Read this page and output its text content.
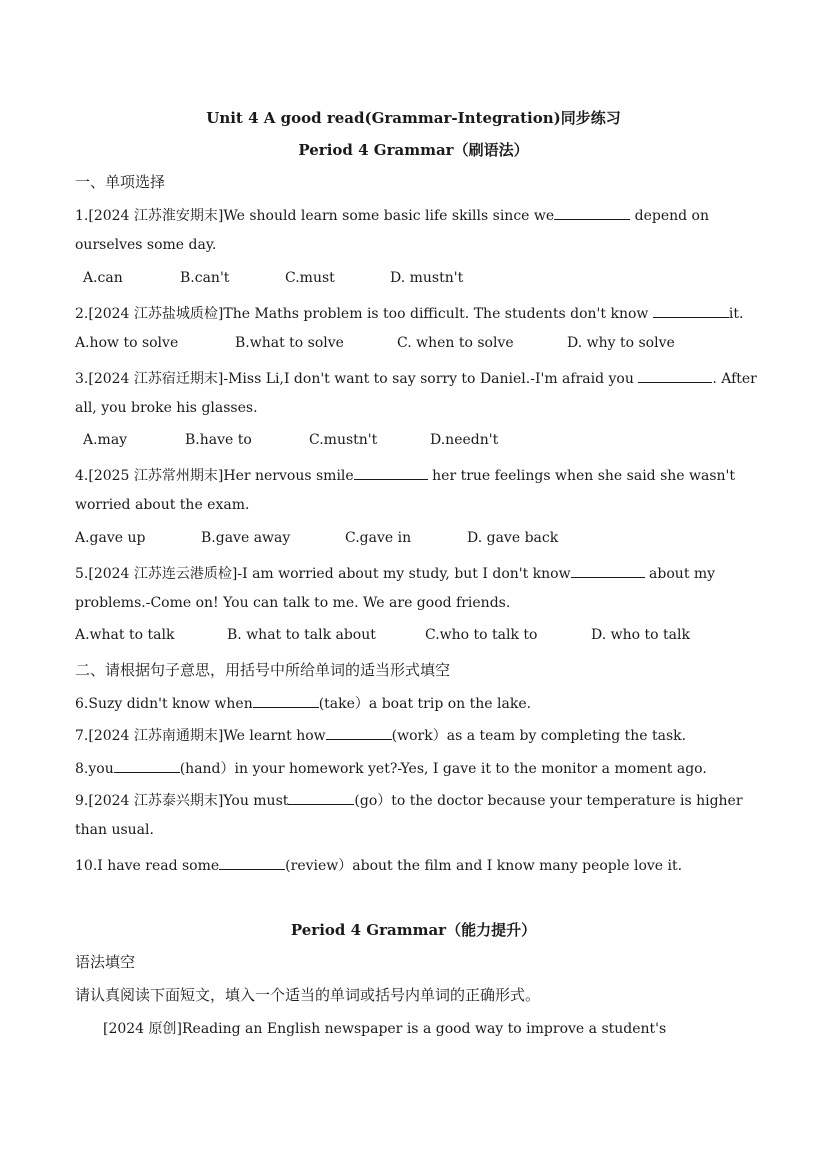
Unit 4 A good read(Grammar-Integration)同步练习
Period 4 Grammar（刷语法）
一、单项选择
1.[2024 江苏淮安期末]We should learn some basic life skills since we	depend on
ourselves some day.
A.can	B.can't	C.must	D. mustn't
2.[2024 江苏盐城质检]The Maths problem is too difficult. The students don't know	it.
A.how to solve	B.what to solve	C. when to solve	D. why to solve
3.[2024 江苏宿迁期末]-Miss Li,I don't want to say sorry to Daniel.-I'm afraid you	. After
all, you broke his glasses.
A.may	B.have to	C.mustn't	D.needn't
4.[2025 江苏常州期末]Her nervous smile	her true feelings when she said she wasn't
worried about the exam.
A.gave up	B.gave away	C.gave in	D. gave back
5.[2024 江苏连云港质检]-I am worried about my study, but I don't know	about my
problems.-Come on! You can talk to me. We are good friends.
A.what to talk	B. what to talk about	C.who to talk to	D. who to talk
二、请根据句子意思，用括号中所给单词的适当形式填空
6.Suzy didn't know when	(take）a boat trip on the lake.
7.[2024 江苏南通期末]We learnt how	(work）as a team by completing the task.
8.you	(hand）in your homework yet?-Yes, I gave it to the monitor a moment ago.
9.[2024 江苏泰兴期末]You must	(go）to the doctor because your temperature is higher
than usual.
10.I have read some	(review）about the film and I know many people love it.
Period 4 Grammar（能力提升）
语法填空
请认真阅读下面短文，填入一个适当的单词或括号内单词的正确形式。
[2024 原创]Reading an English newspaper is a good way to improve a student's
